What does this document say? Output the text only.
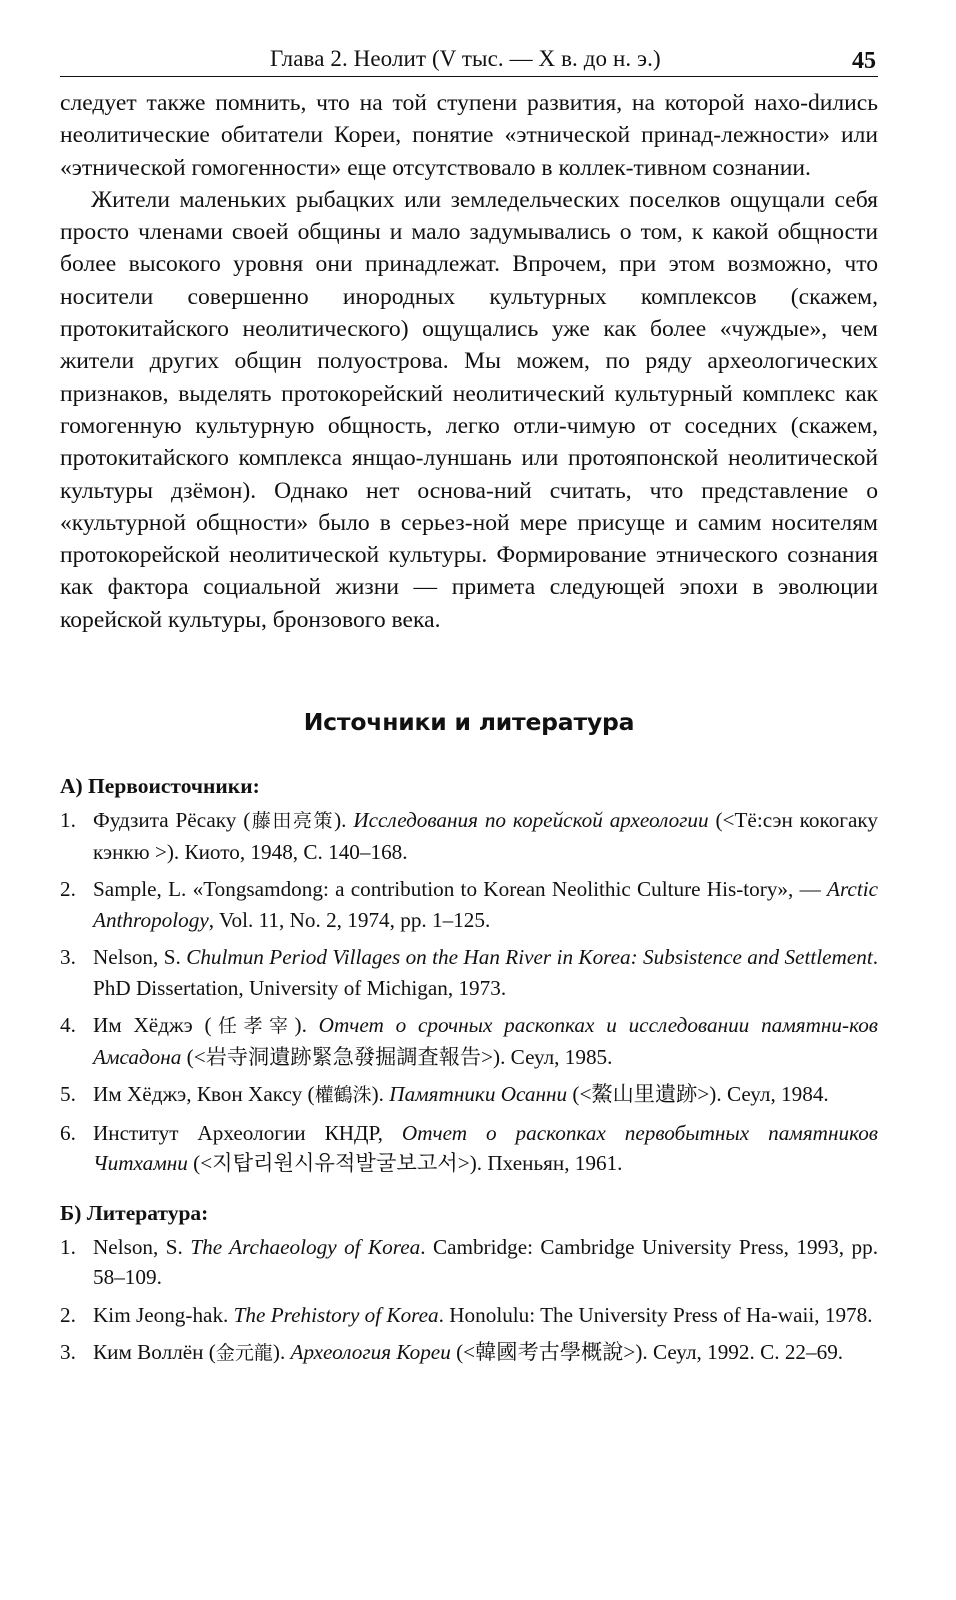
Глава 2. Неолит (V тыс. — X в. до н. э.)	45

следует также помнить, что на той ступени развития, на которой нахо-dились неолитические обитатели Кореи, понятие «этнической принад-лежности» или «этнической гомогенности» еще отсутствовало в коллек-тивном сознании.

Жители маленьких рыбацких или земледельческих поселков ощущали себя просто членами своей общины и мало задумывались о том, к какой общности более высокого уровня они принадлежат. Впрочем, при этом возможно, что носители совершенно инородных культурных комплексов (скажем, протокитайского неолитического) ощущались уже как более «чуждые», чем жители других общин полуострова. Мы можем, по ряду археологических признаков, выделять протокорейский неолитический культурный комплекс как гомогенную культурную общность, легко отли-чимую от соседних (скажем, протокитайского комплекса янщао-луншань или протояпонской неолитической культуры дзёмон). Однако нет основа-ний считать, что представление о «культурной общности» было в серьез-ной мере присуще и самим носителям протокорейской неолитической культуры. Формирование этнического сознания как фактора социальной жизни — примета следующей эпохи в эволюции корейской культуры, бронзового века.

Источники и литература
А) Первоисточники:
1. Фудзита Рёсаку (藤田亮策). Исследования по корейской археологии (<Тё:сэн кокогаку кэнкю >). Киото, 1948, С. 140–168.
2. Sample, L. «Tongsamdong: a contribution to Korean Neolithic Culture His-tory», — Arctic Anthropology, Vol. 11, No. 2, 1974, pp. 1–125.
3. Nelson, S. Chulmun Period Villages on the Han River in Korea: Subsistence and Settlement. PhD Dissertation, University of Michigan, 1973.
4. Им Хёджэ (任孝宰). Отчет о срочных раскопках и исследовании памятни-ков Амсадона (<岩寺洞遺跡緊急發掘調査報告>). Сеул, 1985.
5. Им Хёджэ, Квон Хаксу (權鶴洙). Памятники Осанни (<鰲山里遺跡>). Сеул, 1984.
6. Институт Археологии КНДР, Отчет о раскопках первобытных памятников Читхамни (<지탑리원시유적발굴보고서>). Пхеньян, 1961.
Б) Литература:
1. Nelson, S. The Archaeology of Korea. Cambridge: Cambridge University Press, 1993, pp. 58–109.
2. Kim Jeong-hak. The Prehistory of Korea. Honolulu: The University Press of Ha-waii, 1978.
3. Ким Воллён (金元龍). Археология Кореи (<韓國考古學概說>). Сеул, 1992. С. 22–69.
